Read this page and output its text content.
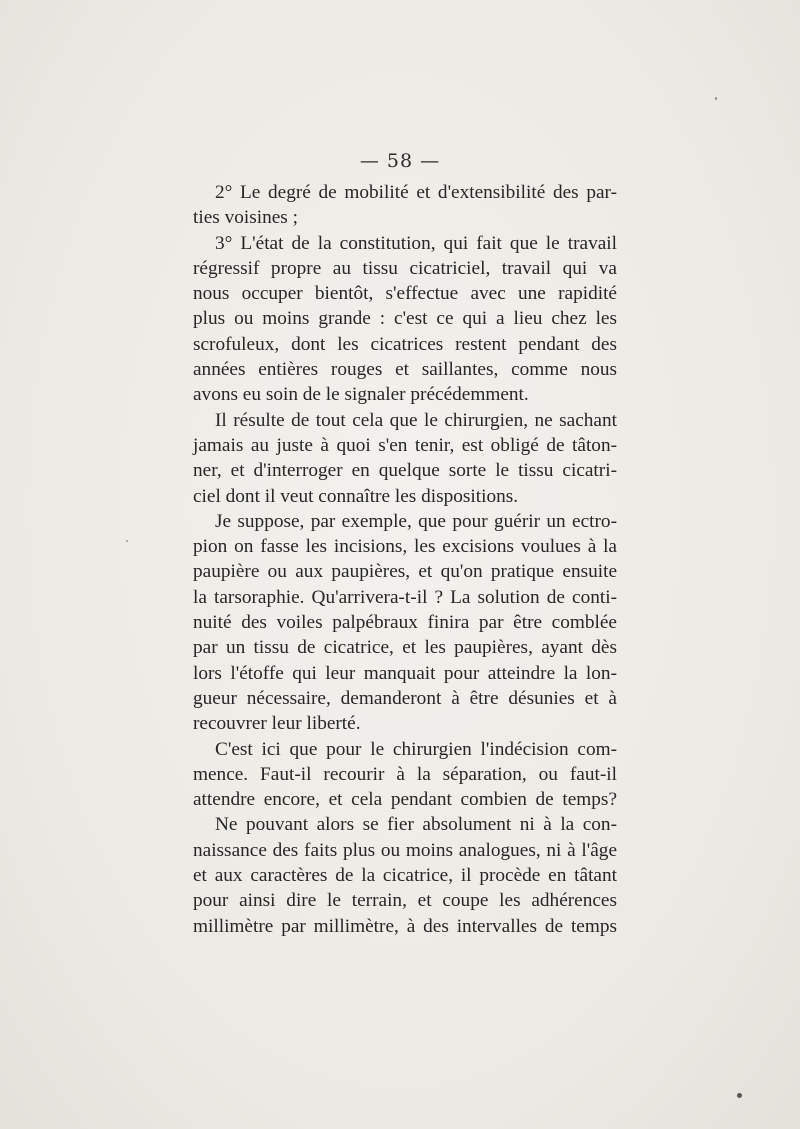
— 58 —
2° Le degré de mobilité et d'extensibilité des par-
ties voisines ;
3° L'état de la constitution, qui fait que le travail
régressif propre au tissu cicatriciel, travail qui va
nous occuper bientôt, s'effectue avec une rapidité
plus ou moins grande : c'est ce qui a lieu chez les
scrofuleux, dont les cicatrices restent pendant des
années entières rouges et saillantes, comme nous
avons eu soin de le signaler précédemment.
Il résulte de tout cela que le chirurgien, ne sachant
jamais au juste à quoi s'en tenir, est obligé de tâton-
ner, et d'interroger en quelque sorte le tissu cicatri-
ciel dont il veut connaître les dispositions.
Je suppose, par exemple, que pour guérir un ectro-
pion on fasse les incisions, les excisions voulues à la
paupière ou aux paupières, et qu'on pratique ensuite
la tarsoraphie. Qu'arrivera-t-il ? La solution de conti-
nuité des voiles palpébraux finira par être comblée
par un tissu de cicatrice, et les paupières, ayant dès
lors l'étoffe qui leur manquait pour atteindre la lon-
gueur nécessaire, demanderont à être désunies et à
recouvrer leur liberté.
C'est ici que pour le chirurgien l'indécision com-
mence. Faut-il recourir à la séparation, ou faut-il
attendre encore, et cela pendant combien de temps?
Ne pouvant alors se fier absolument ni à la con-
naissance des faits plus ou moins analogues, ni à l'âge
et aux caractères de la cicatrice, il procède en tâtant
pour ainsi dire le terrain, et coupe les adhérences
millimètre par millimètre, à des intervalles de temps
